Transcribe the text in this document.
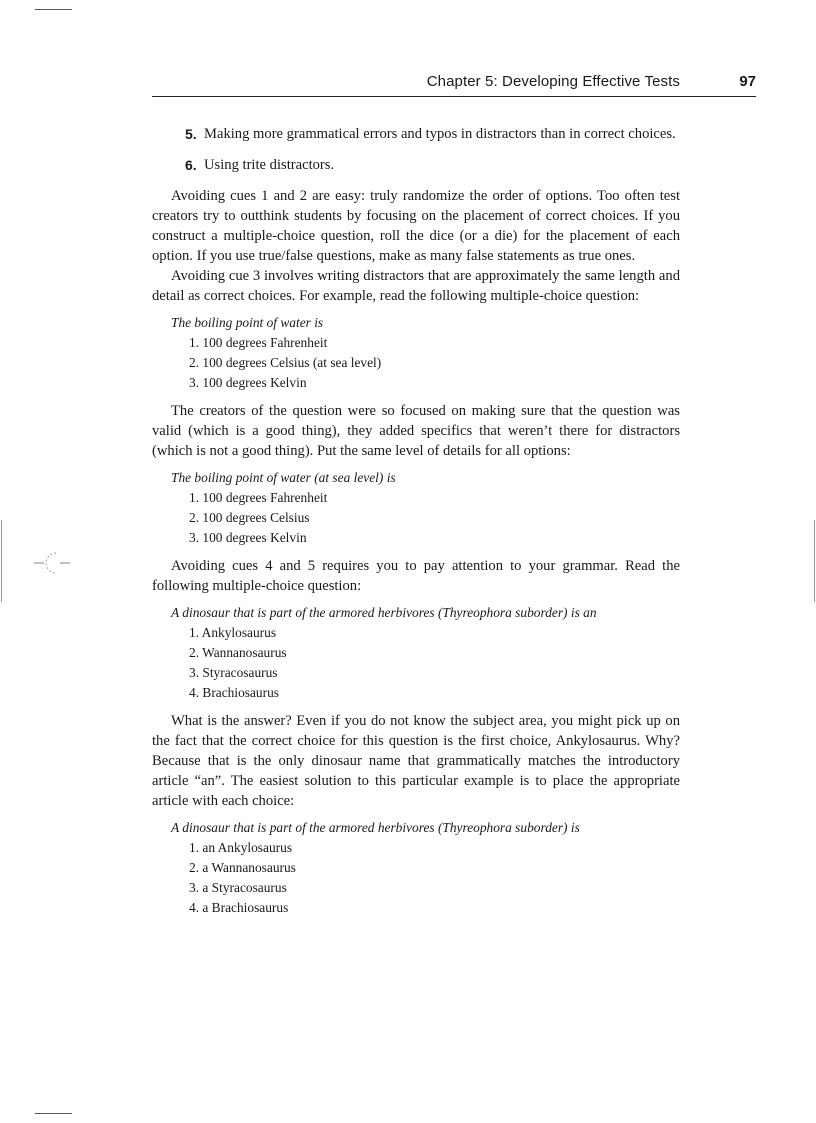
Chapter 5: Developing Effective Tests	97
5. Making more grammatical errors and typos in distractors than in correct choices.
6. Using trite distractors.

Avoiding cues 1 and 2 are easy: truly randomize the order of options. Too often test creators try to outthink students by focusing on the placement of correct choices. If you construct a multiple-choice question, roll the dice (or a die) for the placement of each option. If you use true/false questions, make as many false statements as true ones.

Avoiding cue 3 involves writing distractors that are approximately the same length and detail as correct choices. For example, read the following multiple-choice question:

The boiling point of water is
1. 100 degrees Fahrenheit
2. 100 degrees Celsius (at sea level)
3. 100 degrees Kelvin

The creators of the question were so focused on making sure that the question was valid (which is a good thing), they added specifics that weren’t there for distractors (which is not a good thing). Put the same level of details for all options:

The boiling point of water (at sea level) is
1. 100 degrees Fahrenheit
2. 100 degrees Celsius
3. 100 degrees Kelvin

Avoiding cues 4 and 5 requires you to pay attention to your grammar. Read the following multiple-choice question:

A dinosaur that is part of the armored herbivores (Thyreophora suborder) is an
1. Ankylosaurus
2. Wannanosaurus
3. Styracosaurus
4. Brachiosaurus

What is the answer? Even if you do not know the subject area, you might pick up on the fact that the correct choice for this question is the first choice, Ankylosaurus. Why? Because that is the only dinosaur name that grammatically matches the introductory article “an”. The easiest solution to this particular example is to place the appropriate article with each choice:

A dinosaur that is part of the armored herbivores (Thyreophora suborder) is
1. an Ankylosaurus
2. a Wannanosaurus
3. a Styracosaurus
4. a Brachiosaurus
